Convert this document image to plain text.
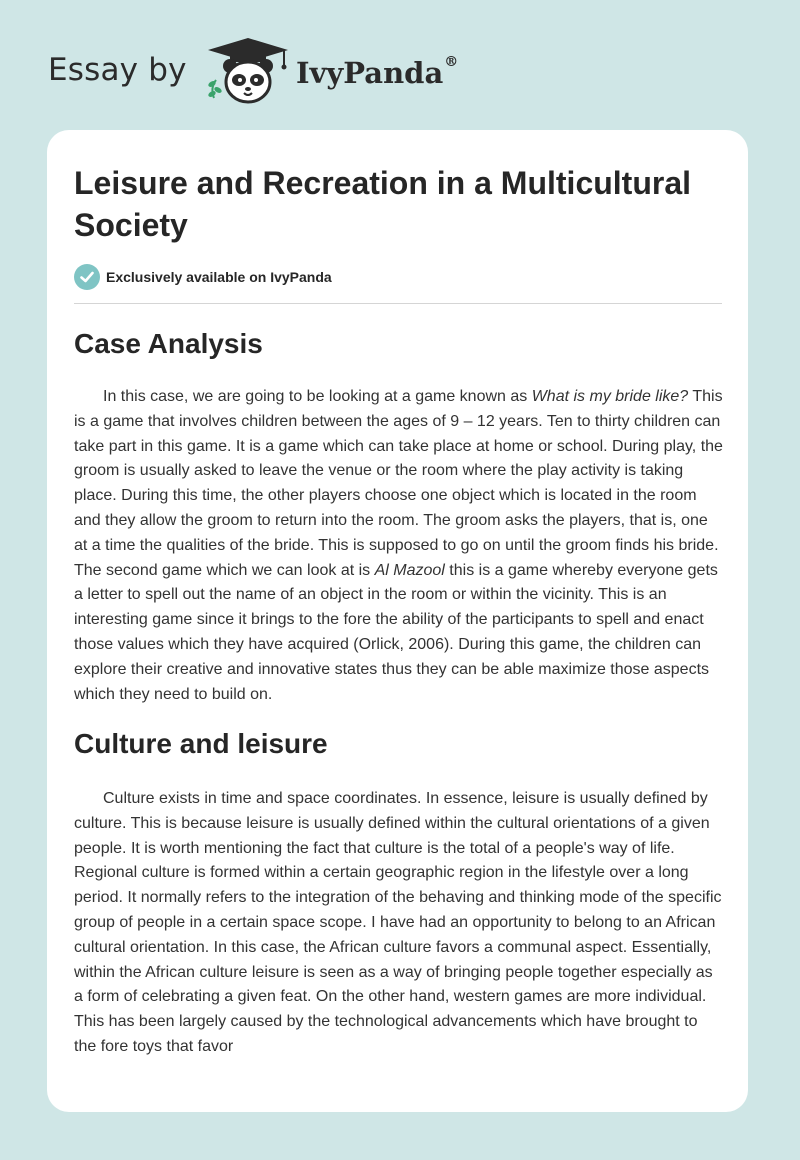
Essay by	IvyPanda®
Leisure and Recreation in a Multicultural Society
Exclusively available on IvyPanda
Case Analysis

In this case, we are going to be looking at a game known as What is my bride like? This is a game that involves children between the ages of 9 – 12 years. Ten to thirty children can take part in this game. It is a game which can take place at home or school. During play, the groom is usually asked to leave the venue or the room where the play activity is taking place. During this time, the other players choose one object which is located in the room and they allow the groom to return into the room. The groom asks the players, that is, one at a time the qualities of the bride. This is supposed to go on until the groom finds his bride. The second game which we can look at is Al Mazool this is a game whereby everyone gets a letter to spell out the name of an object in the room or within the vicinity. This is an interesting game since it brings to the fore the ability of the participants to spell and enact those values which they have acquired (Orlick, 2006). During this game, the children can explore their creative and innovative states thus they can be able maximize those aspects which they need to build on.

Culture and leisure

Culture exists in time and space coordinates. In essence, leisure is usually defined by culture. This is because leisure is usually defined within the cultural orientations of a given people. It is worth mentioning the fact that culture is the total of a people's way of life. Regional culture is formed within a certain geographic region in the lifestyle over a long period. It normally refers to the integration of the behaving and thinking mode of the specific group of people in a certain space scope. I have had an opportunity to belong to an African cultural orientation. In this case, the African culture favors a communal aspect. Essentially, within the African culture leisure is seen as a way of bringing people together especially as a form of celebrating a given feat. On the other hand, western games are more individual. This has been largely caused by the technological advancements which have brought to the fore toys that favor
